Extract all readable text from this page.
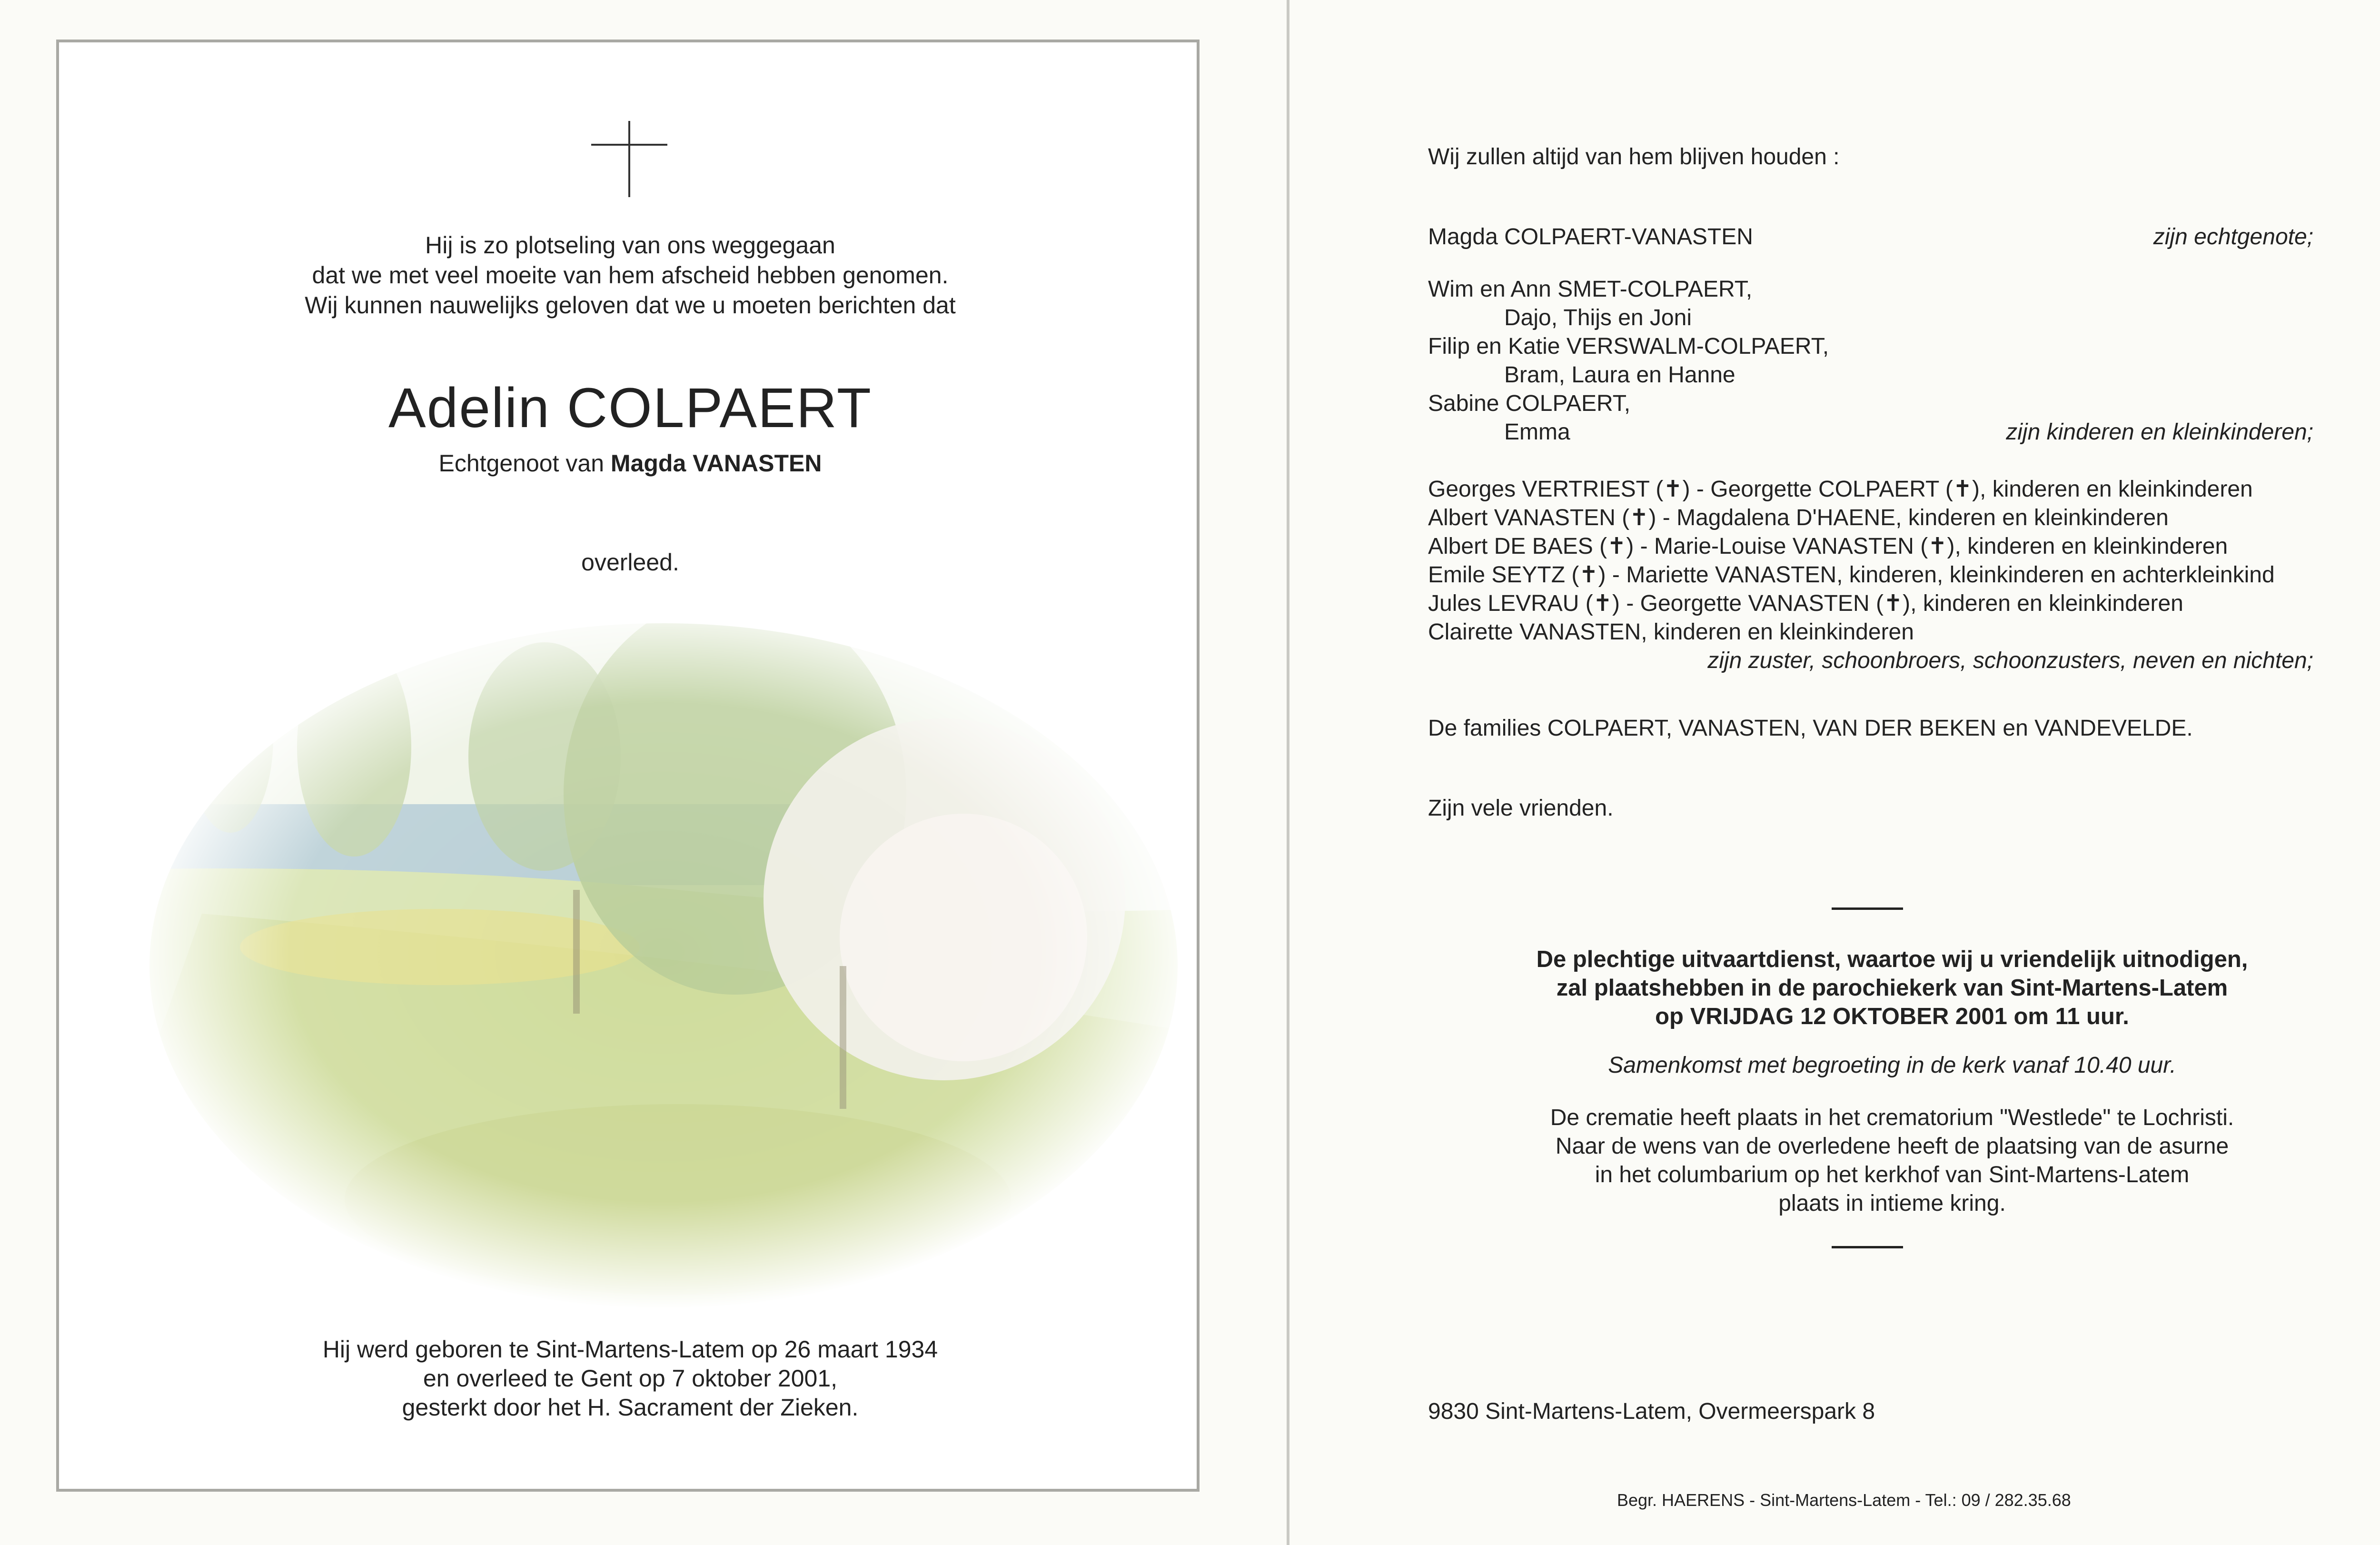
Hij is zo plotseling van ons weggegaan
dat we met veel moeite van hem afscheid hebben genomen.
Wij kunnen nauwelijks geloven dat we u moeten berichten dat
Adelin COLPAERT
Echtgenoot van Magda VANASTEN
overleed.
Hij werd geboren te Sint-Martens-Latem op 26 maart 1934
en overleed te Gent op 7 oktober 2001,
gesterkt door het H. Sacrament der Zieken.
Wij zullen altijd van hem blijven houden :
Magda COLPAERT-VANASTEN	zijn echtgenote;
Wim en Ann SMET-COLPAERT,
Dajo, Thijs en Joni
Filip en Katie VERSWALM-COLPAERT,
Bram, Laura en Hanne
Sabine COLPAERT,
Emma	zijn kinderen en kleinkinderen;
Georges VERTRIEST (✝) - Georgette COLPAERT (✝), kinderen en kleinkinderen
Albert VANASTEN (✝) - Magdalena D'HAENE, kinderen en kleinkinderen
Albert DE BAES (✝) - Marie-Louise VANASTEN (✝), kinderen en kleinkinderen
Emile SEYTZ (✝) - Mariette VANASTEN, kinderen, kleinkinderen en achterkleinkind
Jules LEVRAU (✝) - Georgette VANASTEN (✝), kinderen en kleinkinderen
Clairette VANASTEN, kinderen en kleinkinderen
zijn zuster, schoonbroers, schoonzusters, neven en nichten;
De families COLPAERT, VANASTEN, VAN DER BEKEN en VANDEVELDE.
Zijn vele vrienden.
De plechtige uitvaartdienst, waartoe wij u vriendelijk uitnodigen,
zal plaatshebben in de parochiekerk van Sint-Martens-Latem
op VRIJDAG 12 OKTOBER 2001 om 11 uur.
Samenkomst met begroeting in de kerk vanaf 10.40 uur.
De crematie heeft plaats in het crematorium "Westlede" te Lochristi.
Naar de wens van de overledene heeft de plaatsing van de asurne
in het columbarium op het kerkhof van Sint-Martens-Latem
plaats in intieme kring.
9830 Sint-Martens-Latem, Overmeerspark 8
Begr. HAERENS - Sint-Martens-Latem - Tel.: 09 / 282.35.68
